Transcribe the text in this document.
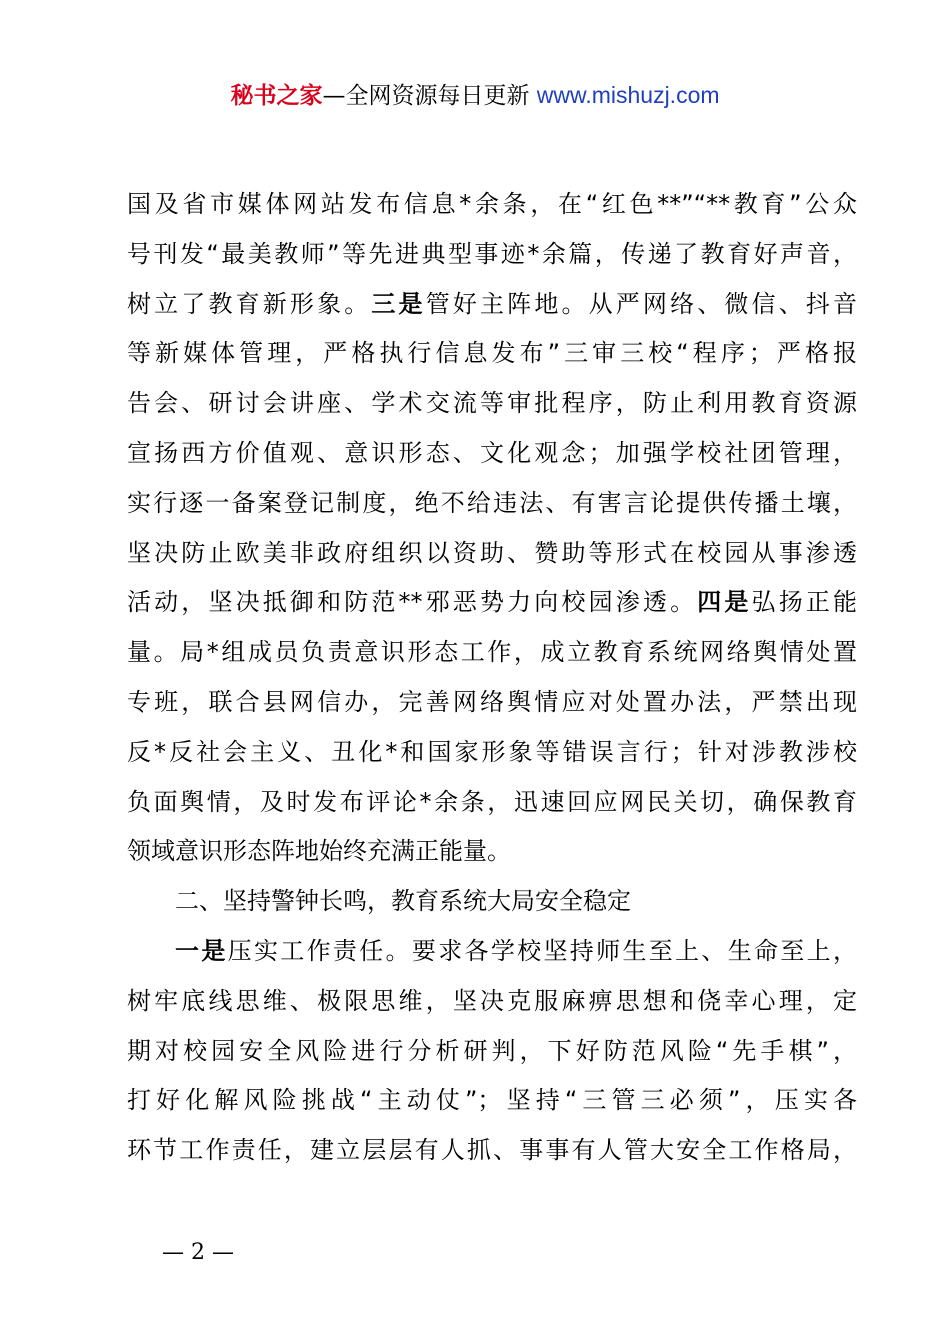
秘书之家—全网资源每日更新 www.mishuzj.com
国及省市媒体网站发布信息*余条，在“红色**”“**教育”公众
号刊发“最美教师”等先进典型事迹*余篇，传递了教育好声音，
树立了教育新形象。三是管好主阵地。从严网络、微信、抖音
等新媒体管理，严格执行信息发布”三审三校“程序；严格报
告会、研讨会讲座、学术交流等审批程序，防止利用教育资源
宣扬西方价值观、意识形态、文化观念；加强学校社团管理，
实行逐一备案登记制度，绝不给违法、有害言论提供传播土壤，
坚决防止欧美非政府组织以资助、赞助等形式在校园从事渗透
活动，坚决抵御和防范**邪恶势力向校园渗透。四是弘扬正能
量。局*组成员负责意识形态工作，成立教育系统网络舆情处置
专班，联合县网信办，完善网络舆情应对处置办法，严禁出现
反*反社会主义、丑化*和国家形象等错误言行；针对涉教涉校
负面舆情，及时发布评论*余条，迅速回应网民关切，确保教育
领域意识形态阵地始终充满正能量。
二、坚持警钟长鸣，教育系统大局安全稳定
一是压实工作责任。要求各学校坚持师生至上、生命至上，
树牢底线思维、极限思维，坚决克服麻痹思想和侥幸心理，定
期对校园安全风险进行分析研判，下好防范风险“先手棋”，
打好化解风险挑战“主动仗”；坚持“三管三必须”，压实各
环节工作责任，建立层层有人抓、事事有人管大安全工作格局，
— 2 —
